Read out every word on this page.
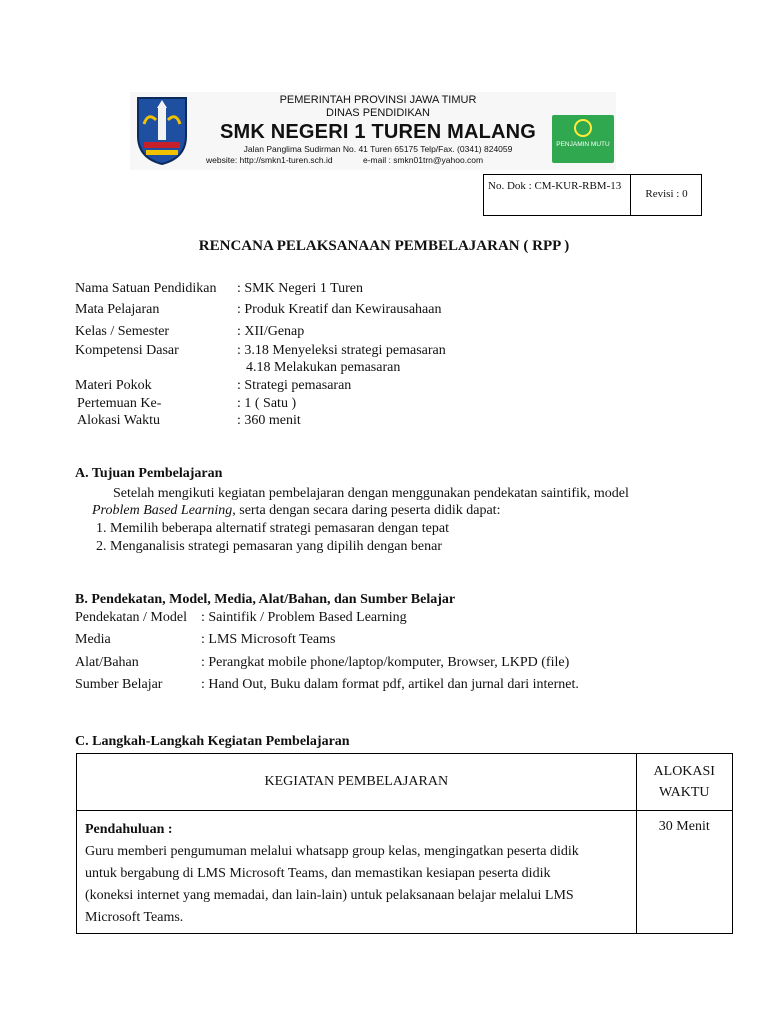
PEMERINTAH PROVINSI JAWA TIMUR
DINAS PENDIDIKAN
SMK NEGERI 1 TUREN MALANG
Jalan Panglima Sudirman No. 41 Turen 65175 Telp/Fax. (0341) 824059
website: http://smkn1-turen.sch.id	e-mail : smkn01trn@yahoo.com
PENJAMIN MUTU
No. Dok : CM-KUR-RBM-13
Revisi : 0
RENCANA PELAKSANAAN PEMBELAJARAN ( RPP )
Nama Satuan Pendidikan : SMK Negeri 1 Turen
Mata Pelajaran	: Produk Kreatif dan Kewirausahaan
Kelas / Semester	: XII/Genap
Kompetensi Dasar	: 3.18 Menyeleksi strategi pemasaran
4.18 Melakukan pemasaran
Materi Pokok	: Strategi pemasaran
Pertemuan Ke-	: 1 ( Satu )
Alokasi Waktu	: 360 menit
A. Tujuan Pembelajaran
Setelah mengikuti kegiatan pembelajaran dengan menggunakan pendekatan saintifik, model
Problem Based Learning, serta dengan secara daring peserta didik dapat:
1. Memilih beberapa alternatif strategi pemasaran dengan tepat
2. Menganalisis strategi pemasaran yang dipilih dengan benar
B. Pendekatan, Model, Media, Alat/Bahan, dan Sumber Belajar
Pendekatan / Model : Saintifik / Problem Based Learning
Media	: LMS Microsoft Teams
Alat/Bahan	: Perangkat mobile phone/laptop/komputer, Browser, LKPD (file)
Sumber Belajar	: Hand Out, Buku dalam format pdf, artikel dan jurnal dari internet.
C. Langkah-Langkah Kegiatan Pembelajaran
KEGIATAN PEMBELAJARAN	ALOKASI
WAKTU

Pendahuluan :
Guru memberi pengumuman melalui whatsapp group kelas, mengingatkan peserta didik
untuk bergabung di LMS Microsoft Teams, dan memastikan kesiapan peserta didik
(koneksi internet yang memadai, dan lain-lain) untuk pelaksanaan belajar melalui LMS
Microsoft Teams.	30 Menit
